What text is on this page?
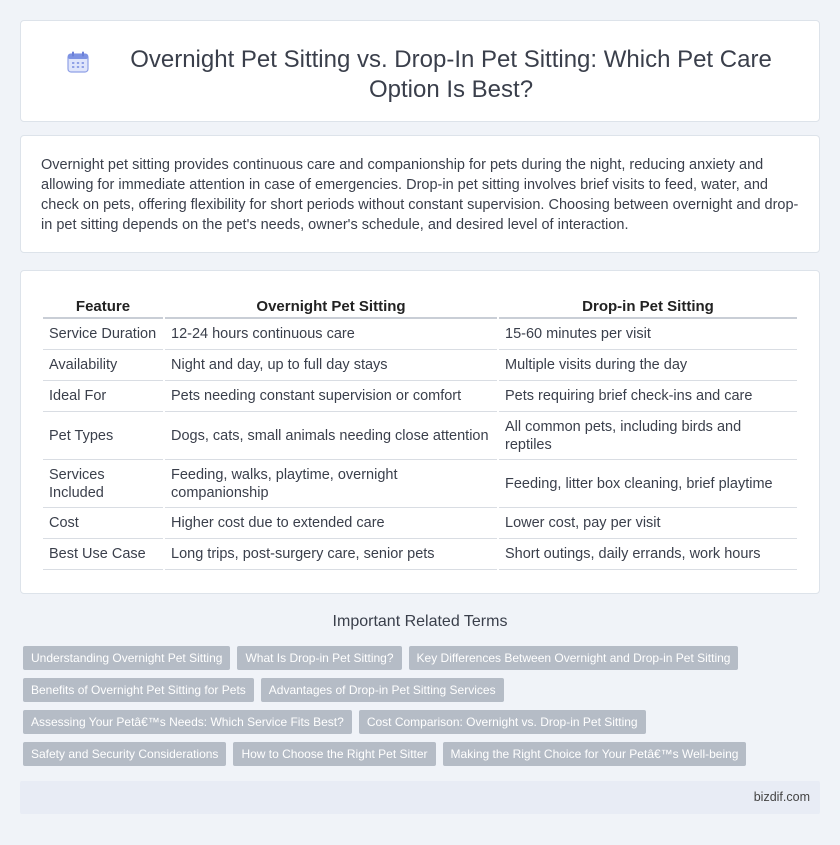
Overnight Pet Sitting vs. Drop-In Pet Sitting: Which Pet Care Option Is Best?

Overnight pet sitting provides continuous care and companionship for pets during the night, reducing anxiety and allowing for immediate attention in case of emergencies. Drop-in pet sitting involves brief visits to feed, water, and check on pets, offering flexibility for short periods without constant supervision. Choosing between overnight and drop-in pet sitting depends on the pet's needs, owner's schedule, and desired level of interaction.

Feature	Overnight Pet Sitting	Drop-in Pet Sitting
Service Duration	12-24 hours continuous care	15-60 minutes per visit
Availability	Night and day, up to full day stays	Multiple visits during the day
Ideal For	Pets needing constant supervision or comfort	Pets requiring brief check-ins and care
Pet Types	Dogs, cats, small animals needing close attention	All common pets, including birds and reptiles
Services Included	Feeding, walks, playtime, overnight companionship	Feeding, litter box cleaning, brief playtime
Cost	Higher cost due to extended care	Lower cost, pay per visit
Best Use Case	Long trips, post-surgery care, senior pets	Short outings, daily errands, work hours
Important Related Terms
Understanding Overnight Pet Sitting	What Is Drop-in Pet Sitting?	Key Differences Between Overnight and Drop-in Pet Sitting
Benefits of Overnight Pet Sitting for Pets	Advantages of Drop-in Pet Sitting Services
Assessing Your Petâ€™s Needs: Which Service Fits Best?	Cost Comparison: Overnight vs. Drop-in Pet Sitting
Safety and Security Considerations	How to Choose the Right Pet Sitter	Making the Right Choice for Your Petâ€™s Well-being
bizdif.com
